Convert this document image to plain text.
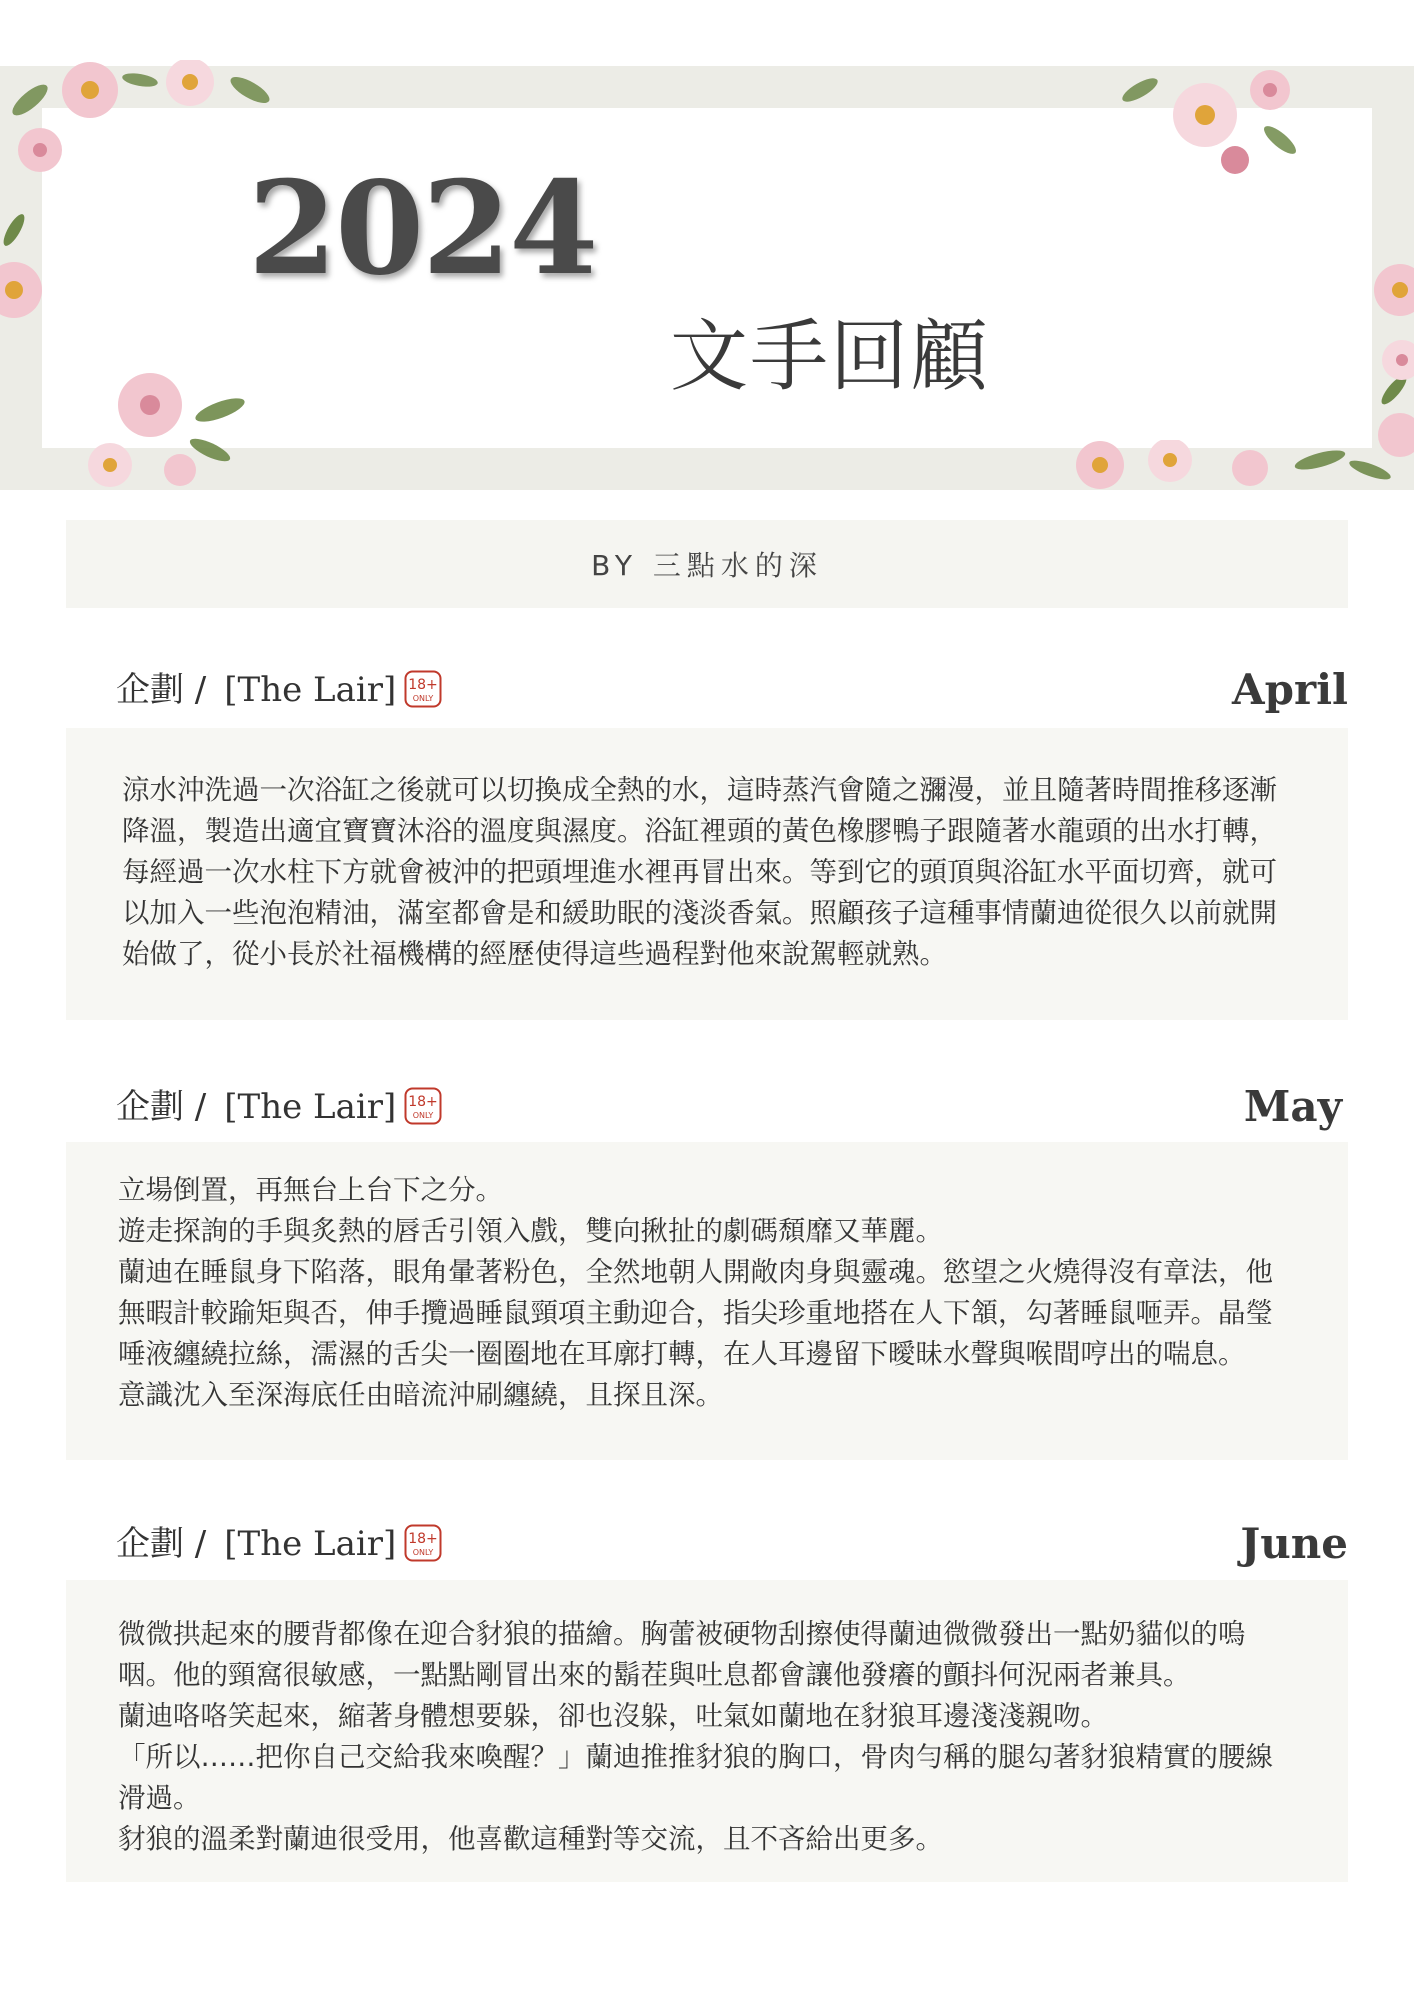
2024
文手回顧
BY 三點水的深
企劃 / [The Lair] 18+
ONLY	April

涼水沖洗過一次浴缸之後就可以切換成全熱的水，這時蒸汽會隨之瀰漫，並且隨著時間推移逐漸降溫，製造出適宜寶寶沐浴的溫度與濕度。浴缸裡頭的黃色橡膠鴨子跟隨著水龍頭的出水打轉，每經過一次水柱下方就會被沖的把頭埋進水裡再冒出來。等到它的頭頂與浴缸水平面切齊，就可以加入一些泡泡精油，滿室都會是和緩助眠的淺淡香氣。照顧孩子這種事情蘭迪從很久以前就開始做了，從小長於社福機構的經歷使得這些過程對他來說駕輕就熟。

企劃 / [The Lair] 18+
ONLY	May

立場倒置，再無台上台下之分。

遊走探詢的手與炙熱的唇舌引領入戲，雙向揪扯的劇碼頹靡又華麗。

蘭迪在睡鼠身下陷落，眼角暈著粉色，全然地朝人開敞肉身與靈魂。慾望之火燒得沒有章法，他無暇計較踰矩與否，伸手攬過睡鼠頸項主動迎合，指尖珍重地搭在人下頷，勾著睡鼠咂弄。晶瑩唾液纏繞拉絲，濡濕的舌尖一圈圈地在耳廓打轉，在人耳邊留下曖昧水聲與喉間哼出的喘息。

意識沈入至深海底任由暗流沖刷纏繞，且探且深。

企劃 / [The Lair] 18+
ONLY	June

微微拱起來的腰背都像在迎合豺狼的描繪。胸蕾被硬物刮擦使得蘭迪微微發出一點奶貓似的嗚咽。他的頸窩很敏感，一點點剛冒出來的鬍茬與吐息都會讓他發癢的顫抖何況兩者兼具。

蘭迪咯咯笑起來，縮著身體想要躲，卻也沒躲，吐氣如蘭地在豺狼耳邊淺淺親吻。

「所以……把你自己交給我來喚醒？」蘭迪推推豺狼的胸口，骨肉勻稱的腿勾著豺狼精實的腰線滑過。

豺狼的溫柔對蘭迪很受用，他喜歡這種對等交流，且不吝給出更多。
